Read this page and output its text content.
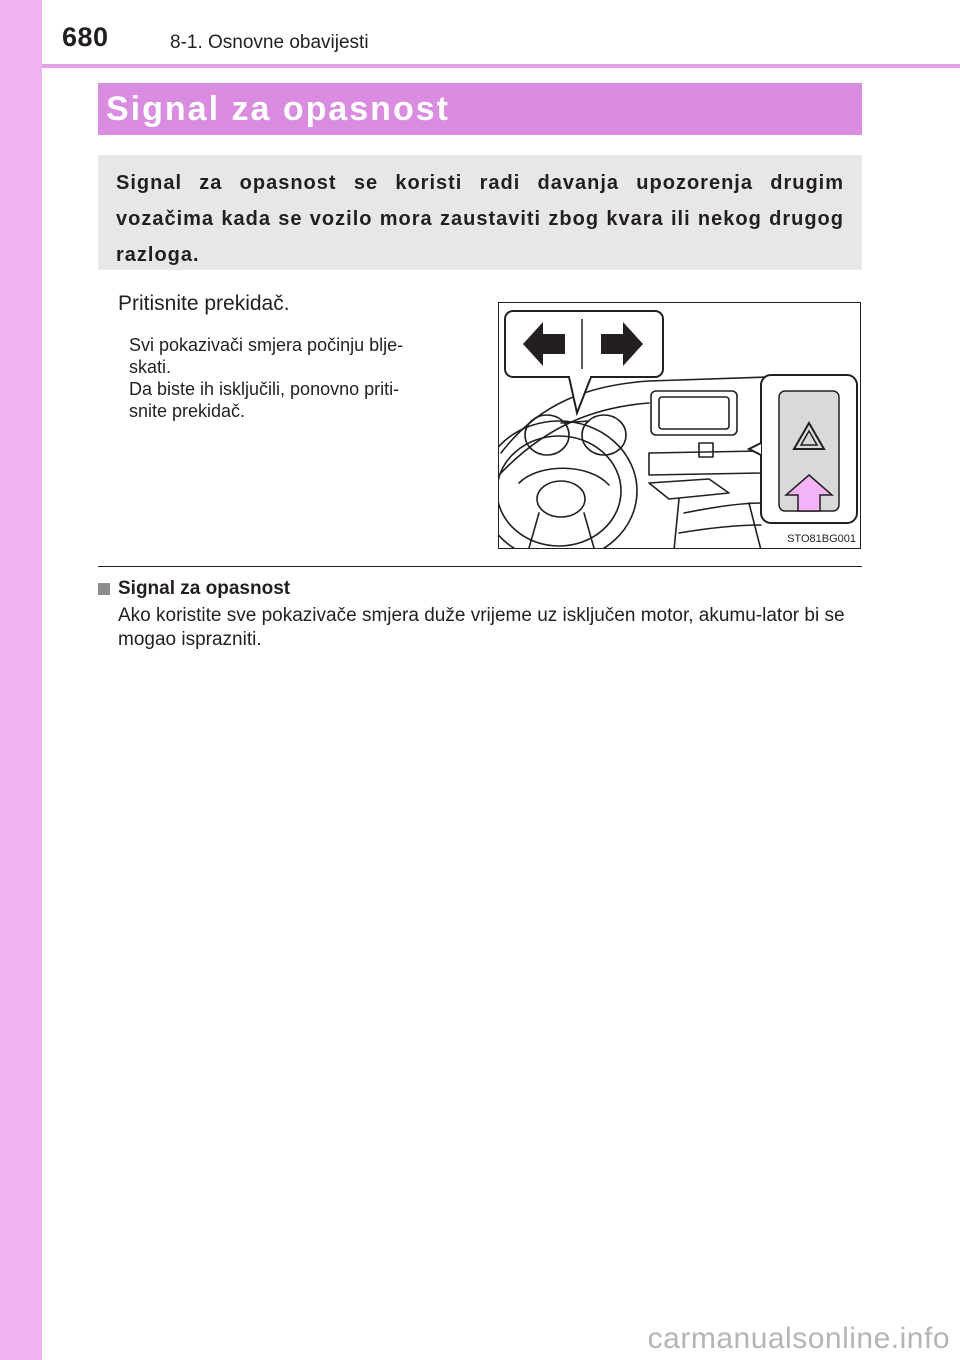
680	8-1. Osnovne obavijesti
Signal za opasnost

Signal za opasnost se koristi radi davanja upozorenja drugim vozačima kada se vozilo mora zaustaviti zbog kvara ili nekog drugog razloga.

Pritisnite prekidač.
Svi pokazivači smjera počinju blje-
skati.
Da biste ih isključili, ponovno priti-
snite prekidač.
STO81BG001
Signal za opasnost
Ako koristite sve pokazivače smjera duže vrijeme uz isključen motor, akumu-lator bi se mogao isprazniti.
carmanualsonline.info
